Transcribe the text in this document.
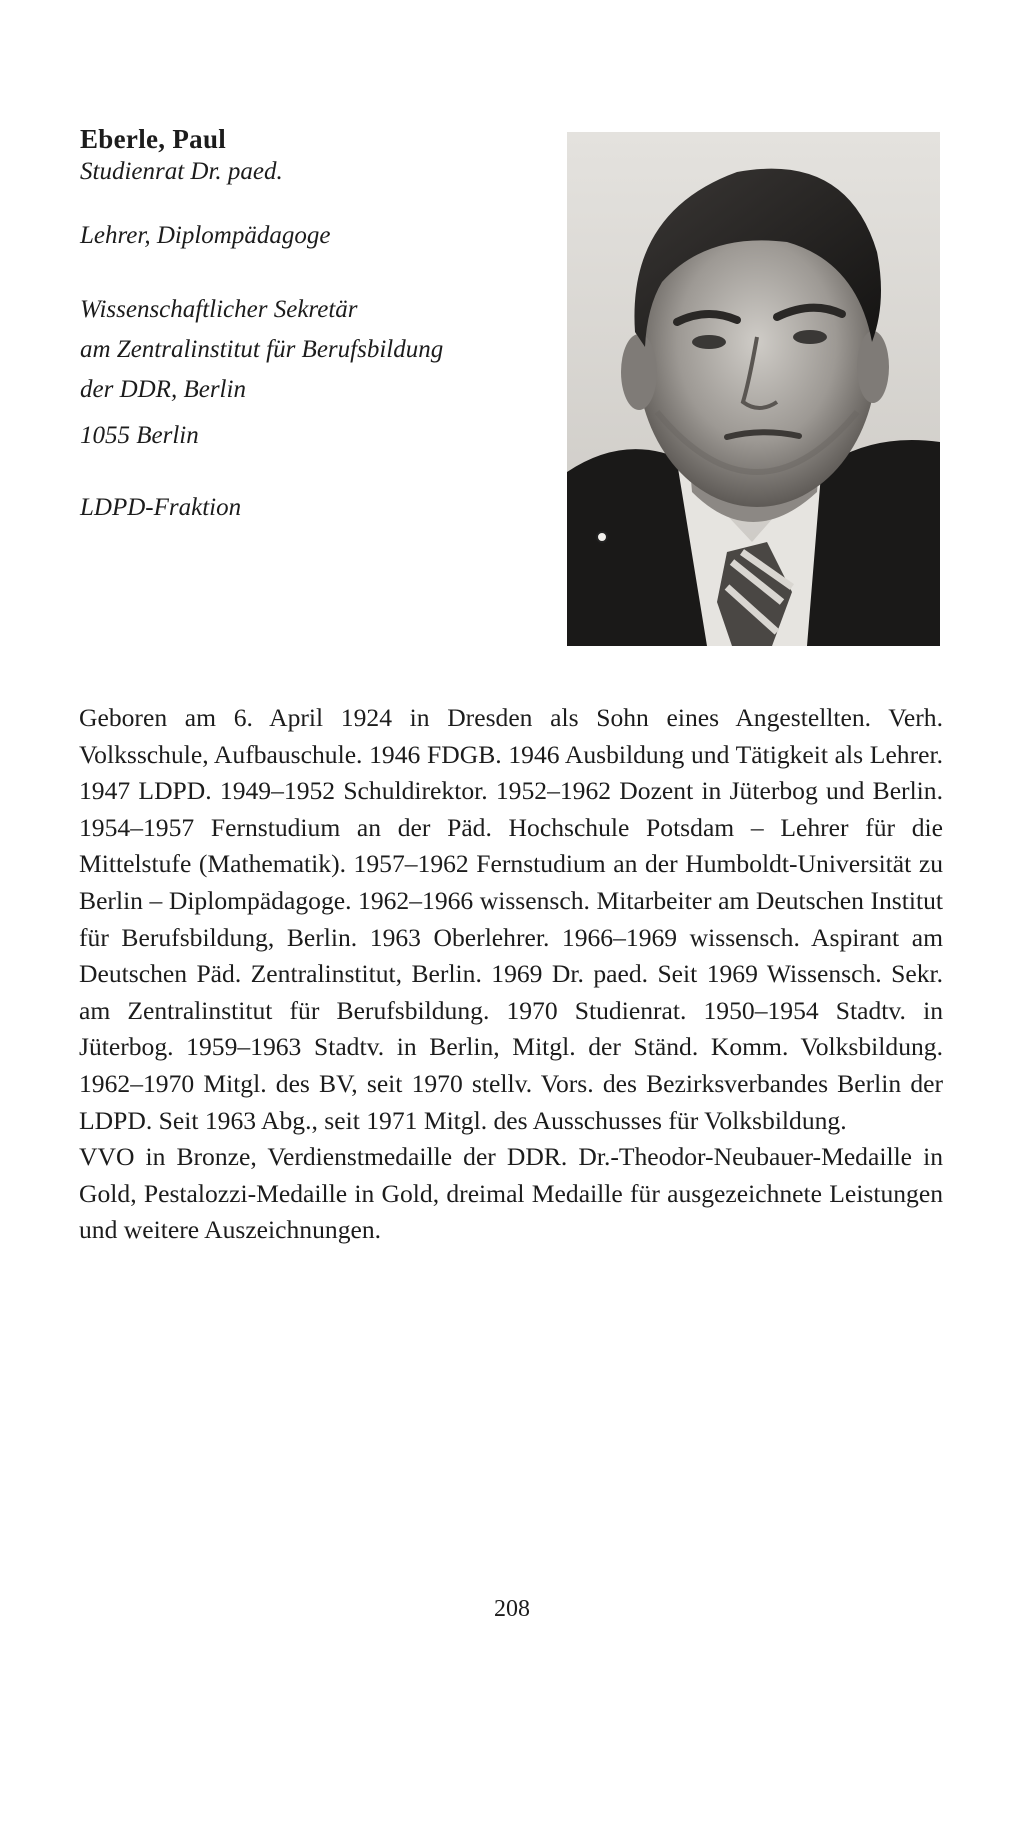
Eberle, Paul

Studienrat Dr. paed.

Lehrer, Diplompädagoge
Wissenschaftlicher Sekretär
am Zentralinstitut für Berufsbildung
der DDR, Berlin
1055 Berlin
LDPD-Fraktion

Geboren am 6. April 1924 in Dresden als Sohn eines Angestellten. Verh. Volksschule, Aufbauschule. 1946 FDGB. 1946 Ausbildung und Tätigkeit als Lehrer. 1947 LDPD. 1949–1952 Schuldirektor. 1952–1962 Dozent in Jüterbog und Berlin. 1954–1957 Fernstudium an der Päd. Hochschule Potsdam – Lehrer für die Mittelstufe (Mathematik). 1957–1962 Fernstudium an der Humboldt-Universität zu Berlin – Diplompädagoge. 1962–1966 wissensch. Mitarbeiter am Deutschen Institut für Berufsbildung, Berlin. 1963 Oberlehrer. 1966–1969 wissensch. Aspirant am Deutschen Päd. Zentralinstitut, Berlin. 1969 Dr. paed. Seit 1969 Wissensch. Sekr. am Zentralinstitut für Berufsbildung. 1970 Studienrat. 1950–1954 Stadtv. in Jüterbog. 1959–1963 Stadtv. in Berlin, Mitgl. der Ständ. Komm. Volksbildung. 1962–1970 Mitgl. des BV, seit 1970 stellv. Vors. des Bezirksverbandes Berlin der LDPD. Seit 1963 Abg., seit 1971 Mitgl. des Ausschusses für Volksbildung.

VVO in Bronze, Verdienstmedaille der DDR. Dr.-Theodor-Neubauer-Medaille in Gold, Pestalozzi-Medaille in Gold, dreimal Medaille für ausgezeichnete Leistungen und weitere Auszeichnungen.

208
